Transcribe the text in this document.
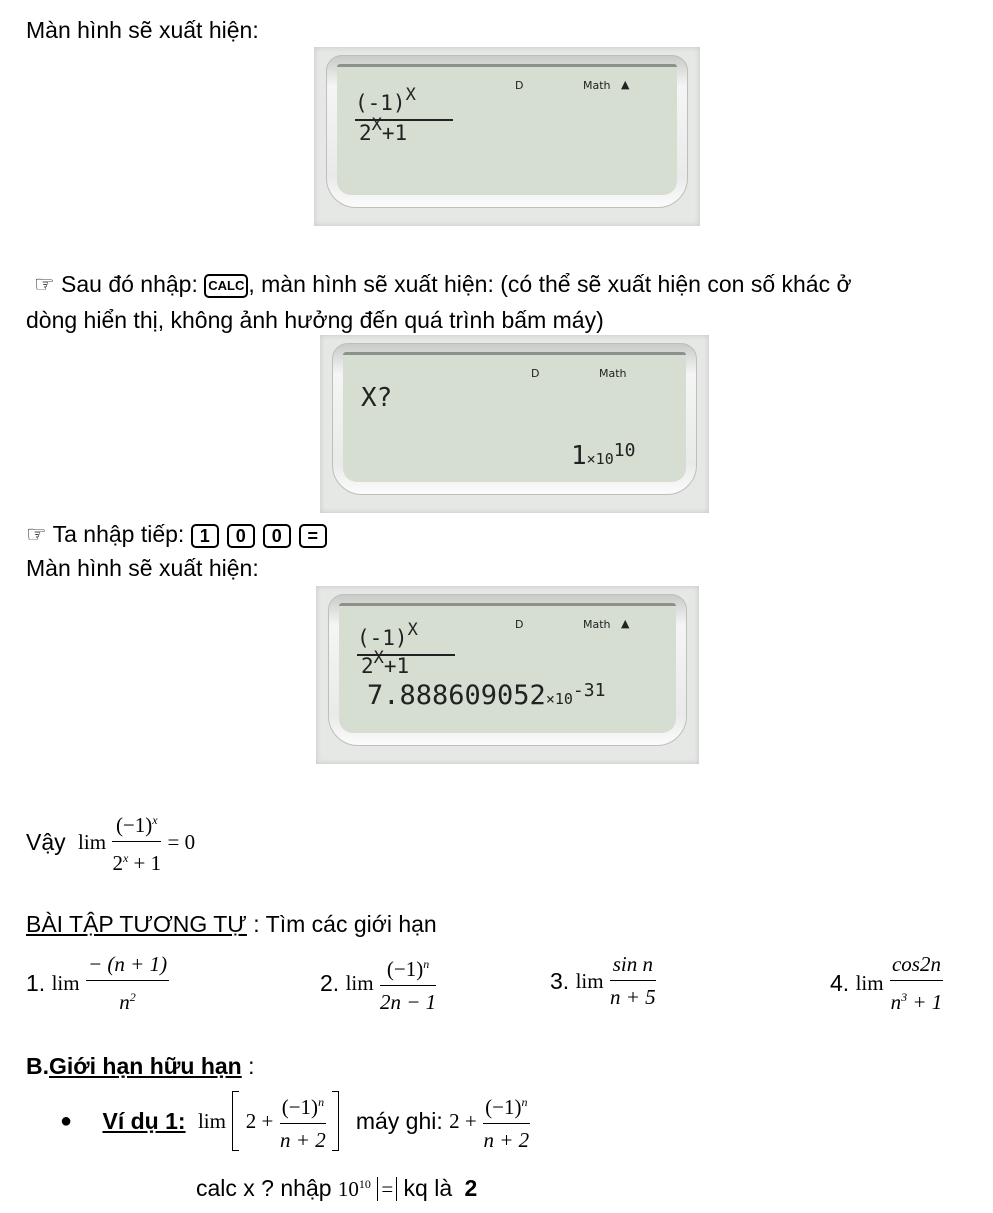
Màn hình sẽ xuất hiện:
D	Math ▲
$(-1)^X$
$2^X+1$
☞ Sau đó nhập: CALC , màn hình sẽ xuất hiện: (có thể sẽ xuất hiện con số khác ở
dòng hiển thị, không ảnh hưởng đến quá trình bấm máy)
D	Math
X?
$1\times 10^{10}$
☞ Ta nhập tiếp: 1 0 0 =
Màn hình sẽ xuất hiện:
D	Math ▲
$(-1)^X$
$2^X+1$
$7.888609052\times 10^{-31}$
Vậy $\lim \frac{(-1)^x}{2^x + 1} = 0$
BÀI TẬP TƯƠNG TỰ : Tìm các giới hạn
1. $\lim \frac{- (n + 1)}{n^2}$	2. $\lim \frac{(-1)^n}{2n - 1}$	3. $\lim \frac{\text{sin n}}{n + 5}$	4. $\lim \frac{\cos 2n}{n^3 + 1}$
B.Giới hạn hữu hạn :
● Ví dụ 1: $\lim 2 + \frac{(-1)^n}{n + 2}$ máy ghi: $2 + \frac{(-1)^n}{n + 2}$
calc x ? nhập $10^{10}$ = kq là 2
